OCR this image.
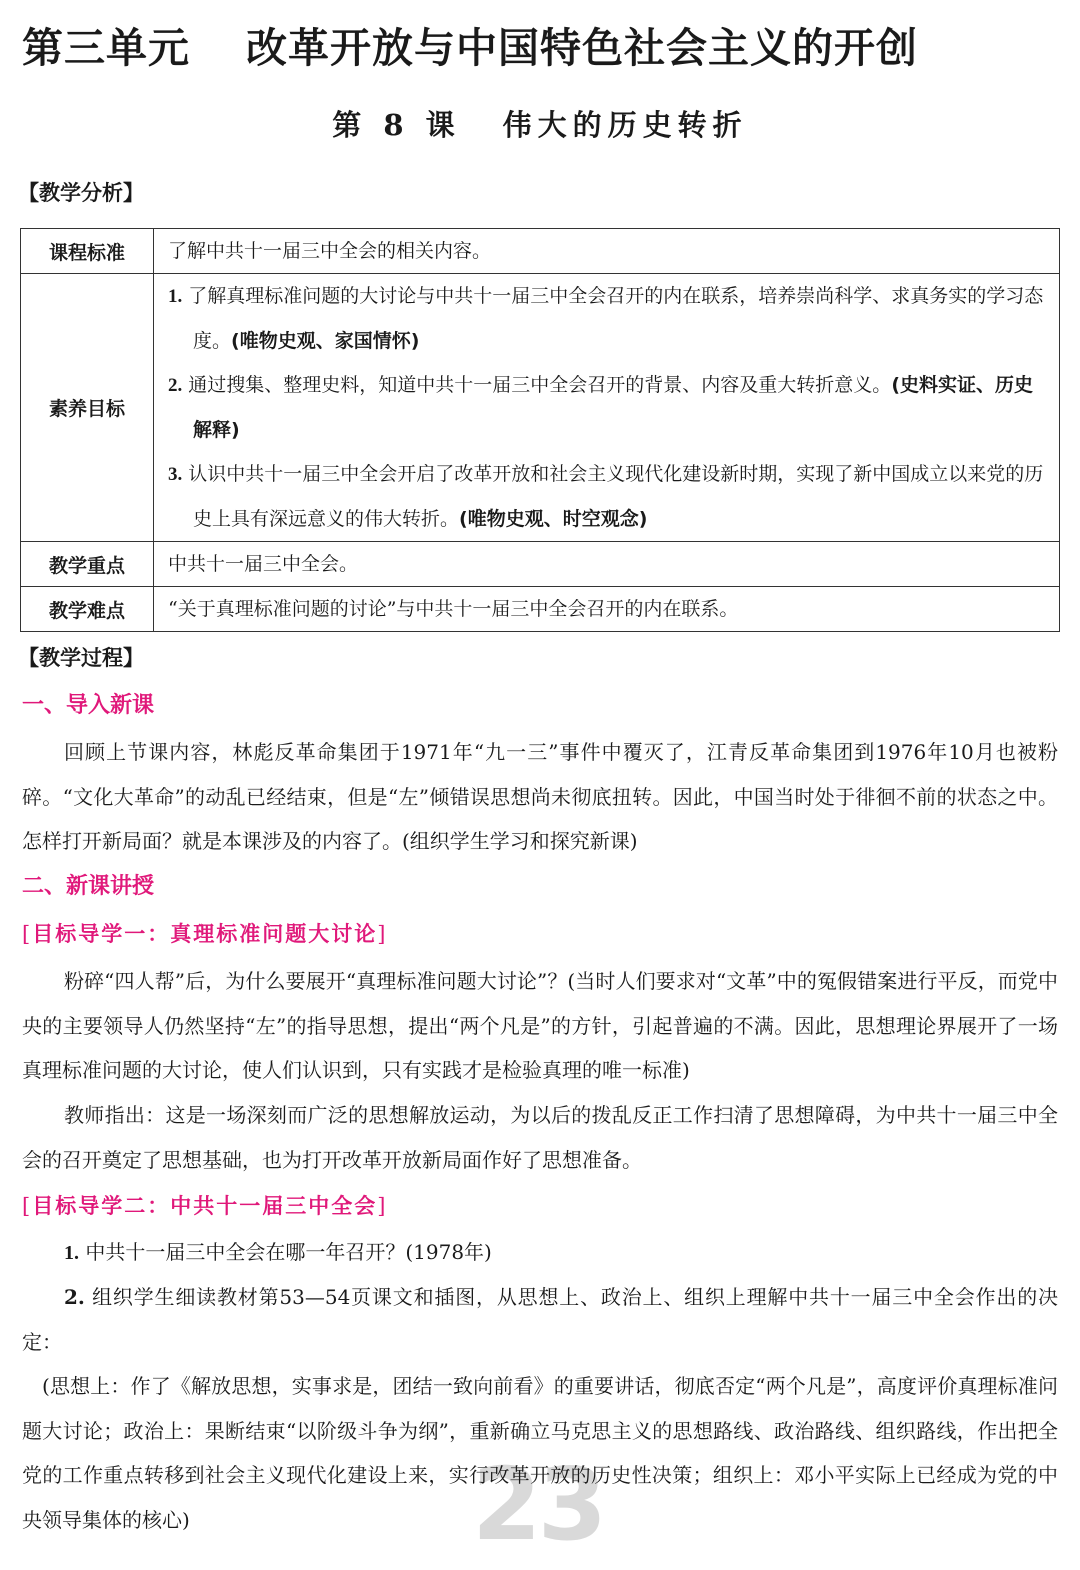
第三单元 改革开放与中国特色社会主义的开创
第 8 课 伟大的历史转折
【教学分析】
课程标准	了解中共十一届三中全会的相关内容。
素养目标	1. 了解真理标准问题的大讨论与中共十一届三中全会召开的内在联系，培养崇尚科学、求真务实的学习态度。(唯物史观、家国情怀)
2. 通过搜集、整理史料，知道中共十一届三中全会召开的背景、内容及重大转折意义。(史料实证、历史解释)
3. 认识中共十一届三中全会开启了改革开放和社会主义现代化建设新时期，实现了新中国成立以来党的历史上具有深远意义的伟大转折。(唯物史观、时空观念)

教学重点	中共十一届三中全会。
教学难点	“关于真理标准问题的讨论”与中共十一届三中全会召开的内在联系。
【教学过程】
一、导入新课
回顾上节课内容，林彪反革命集团于1971年“九一三”事件中覆灭了，江青反革命集团到1976年10月也被粉碎。“文化大革命”的动乱已经结束，但是“左”倾错误思想尚未彻底扭转。因此，中国当时处于徘徊不前的状态之中。怎样打开新局面？就是本课涉及的内容了。(组织学生学习和探究新课)
二、新课讲授
[目标导学一：真理标准问题大讨论]
粉碎“四人帮”后，为什么要展开“真理标准问题大讨论”？(当时人们要求对“文革”中的冤假错案进行平反，而党中央的主要领导人仍然坚持“左”的指导思想，提出“两个凡是”的方针，引起普遍的不满。因此，思想理论界展开了一场真理标准问题的大讨论，使人们认识到，只有实践才是检验真理的唯一标准)
教师指出：这是一场深刻而广泛的思想解放运动，为以后的拨乱反正工作扫清了思想障碍，为中共十一届三中全会的召开奠定了思想基础，也为打开改革开放新局面作好了思想准备。
[目标导学二：中共十一届三中全会]
1. 中共十一届三中全会在哪一年召开？(1978年)
2. 组织学生细读教材第53—54页课文和插图，从思想上、政治上、组织上理解中共十一届三中全会作出的决定：
(思想上：作了《解放思想，实事求是，团结一致向前看》的重要讲话，彻底否定“两个凡是”，高度评价真理标准问题大讨论；政治上：果断结束“以阶级斗争为纲”，重新确立马克思主义的思想路线、政治路线、组织路线，作出把全党的工作重点转移到社会主义现代化建设上来，实行改革开放的历史性决策；组织上：邓小平实际上已经成为党的中央领导集体的核心)	23
